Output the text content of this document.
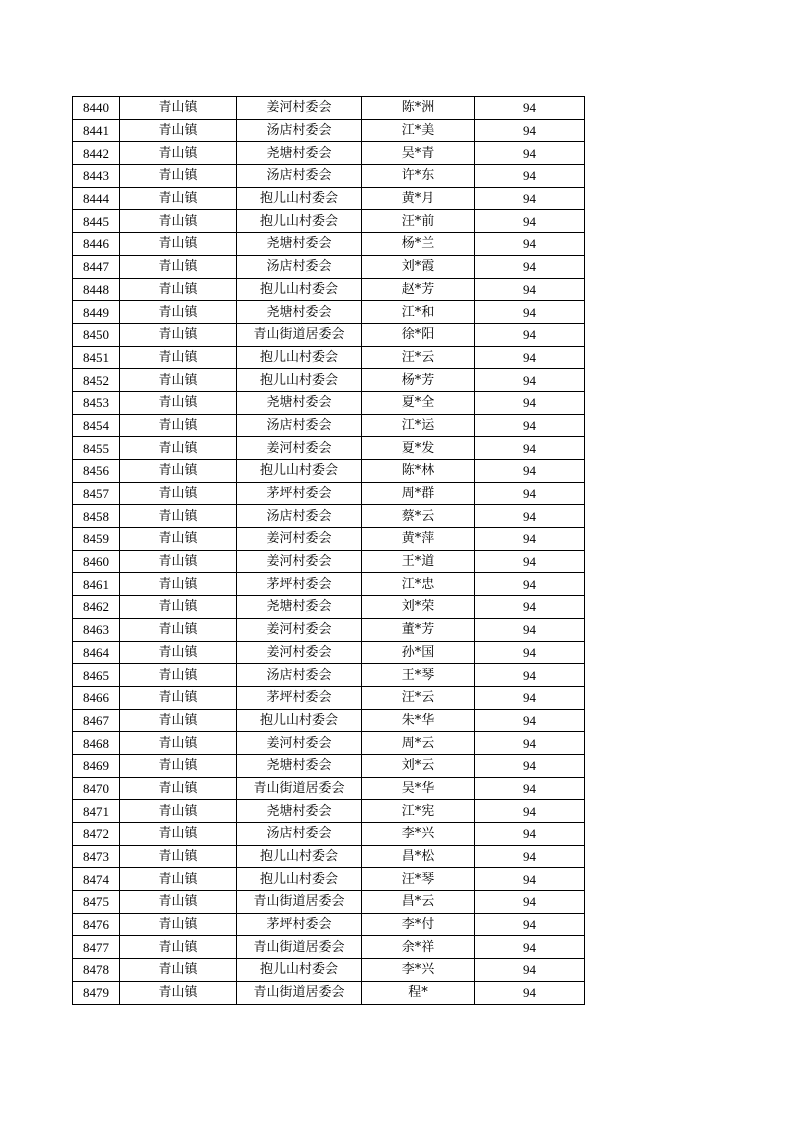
8440	青山镇	姜河村委会	陈*洲	94
8441	青山镇	汤店村委会	江*美	94
8442	青山镇	尧塘村委会	吴*青	94
8443	青山镇	汤店村委会	许*东	94
8444	青山镇	抱儿山村委会	黄*月	94
8445	青山镇	抱儿山村委会	汪*前	94
8446	青山镇	尧塘村委会	杨*兰	94
8447	青山镇	汤店村委会	刘*霞	94
8448	青山镇	抱儿山村委会	赵*芳	94
8449	青山镇	尧塘村委会	江*和	94
8450	青山镇	青山街道居委会	徐*阳	94
8451	青山镇	抱儿山村委会	汪*云	94
8452	青山镇	抱儿山村委会	杨*芳	94
8453	青山镇	尧塘村委会	夏*全	94
8454	青山镇	汤店村委会	江*运	94
8455	青山镇	姜河村委会	夏*发	94
8456	青山镇	抱儿山村委会	陈*林	94
8457	青山镇	茅坪村委会	周*群	94
8458	青山镇	汤店村委会	蔡*云	94
8459	青山镇	姜河村委会	黄*萍	94
8460	青山镇	姜河村委会	王*道	94
8461	青山镇	茅坪村委会	江*忠	94
8462	青山镇	尧塘村委会	刘*荣	94
8463	青山镇	姜河村委会	董*芳	94
8464	青山镇	姜河村委会	孙*国	94
8465	青山镇	汤店村委会	王*琴	94
8466	青山镇	茅坪村委会	汪*云	94
8467	青山镇	抱儿山村委会	朱*华	94
8468	青山镇	姜河村委会	周*云	94
8469	青山镇	尧塘村委会	刘*云	94
8470	青山镇	青山街道居委会	吴*华	94
8471	青山镇	尧塘村委会	江*宪	94
8472	青山镇	汤店村委会	李*兴	94
8473	青山镇	抱儿山村委会	昌*松	94
8474	青山镇	抱儿山村委会	汪*琴	94
8475	青山镇	青山街道居委会	昌*云	94
8476	青山镇	茅坪村委会	李*付	94
8477	青山镇	青山街道居委会	余*祥	94
8478	青山镇	抱儿山村委会	李*兴	94
8479	青山镇	青山街道居委会	程*	94
